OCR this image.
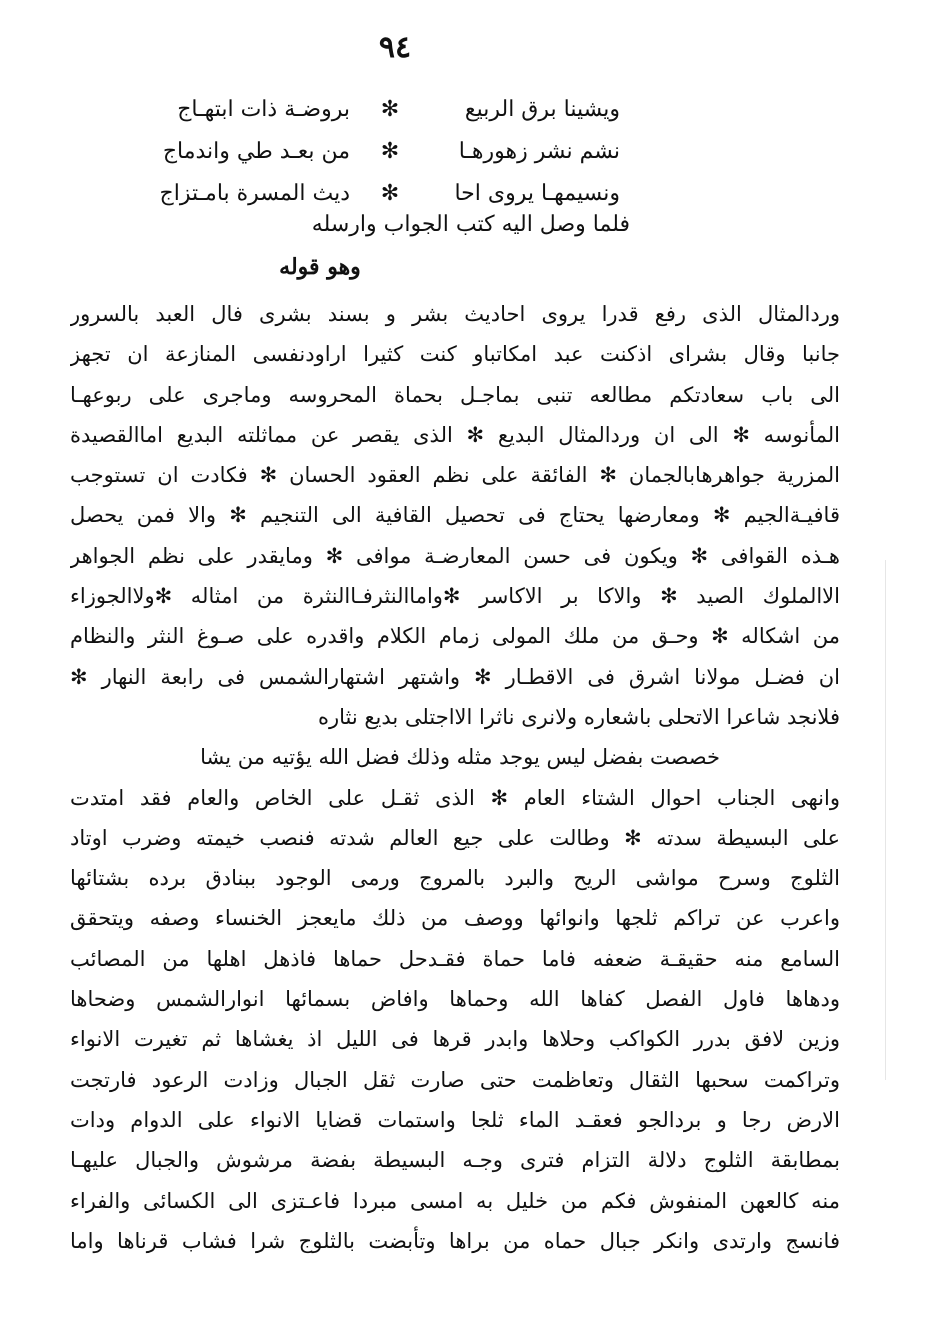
٩٤
ويشينا برق الربيع
✻
بروضـة ذات ابتهـاج
نشم نشر زهورهـا
✻
من بعـد طي واندماج
ونسيمهـا يروى احا
✻
ديث المسرة بامـتزاج
فلما وصل اليه كتب الجواب وارسله
وهو قوله
وردالمثال الذى رفع قدرا يروى احاديث بشر و بسند بشرى فال العبد بالسرور
جانبا وقال بشراى اذكنت عبد امكاتباو كنت كثيرا اراودنفسى المنازعة ان تجهز
الى باب سعادتكم مطالعه تنبى بماجـل بحماة المحروسه وماجرى على ربوعهـا
المأنوسه ✻ الى ان وردالمثال البديع ✻ الذى يقصر عن مماثلته البديع اماالقصيدة
المزرية جواهرهابالجمان ✻ الفائقة على نظم العقود الحسان ✻ فكادت ان تستوجب
قافيـةالجيم ✻ ومعارضها يحتاج فى تحصيل القافية الى التنجيم ✻ والا فمن يحصل
هـذه القوافى ✻ ويكون فى حسن المعارضـة موافى ✻ ومايقدر على نظم الجواهر
الاالملوك الصيد ✻ والاكا بر الاكاسر ✻واماالنثرفـاالنثرة من امثاله ✻ولاالجوزاء
من اشكاله ✻ وحـق من ملك المولى زمام الكلام واقدره على صـوغ النثر والنظام
ان فضـل مولانا اشرق فى الاقطـار ✻ واشتهر اشتهارالشمس فى رابعة النهار ✻
فلانجد شاعرا الاتحلى باشعاره ولانرى ناثرا الااجتلى بديع نثاره
خصصت بفضل ليس يوجد مثله وذلك فضل الله يؤتيه من يشا
وانهى الجناب احوال الشتاء العام ✻ الذى ثقـل على الخاص والعام فقد امتدت
على البسيطة سدته ✻ وطالت على جيع العالم شدته فنصب خيمته وضرب اوتاد
الثلوج وسرح مواشى الريح والبرد بالمروج ورمى الوجود ببنادق برده بشتائها
واعرب عن تراكم ثلجها وانوائها ووصف من ذلك مايعجز الخنساء وصفه ويتحقق
السامع منه حقيقـة ضعفه فاما حماة فقـدحل حماها فاذهل اهلها من المصائب
ودهاها فاول الفصل كفاها الله وحماها وافاض بسمائها انوارالشمس وضحاها
وزين لافق بدرر الكواكب وحلاها وابدر قرها فى الليل اذ يغشاها ثم تغيرت الانواء
وتراكمت سحبها الثقال وتعاظمت حتى صارت ثقل الجبال وزادت الرعود فارتجت
الارض رجا و بردالجو فعقـد الماء ثلجا واستمات قضايا الانواء على الدوام ودات
بمطابقة الثلوج دلالة التزام فترى وجـه البسيطة بفضة مرشوش والجبال عليهـا
منه كالعهن المنفوش فكم من خليل به امسى مبردا فاعـتزى الى الكسائى والفراء
فانسج وارتدى وانكر جبال حماه من براها وتأبضت بالثلوج شرا فشاب قرناها واما
